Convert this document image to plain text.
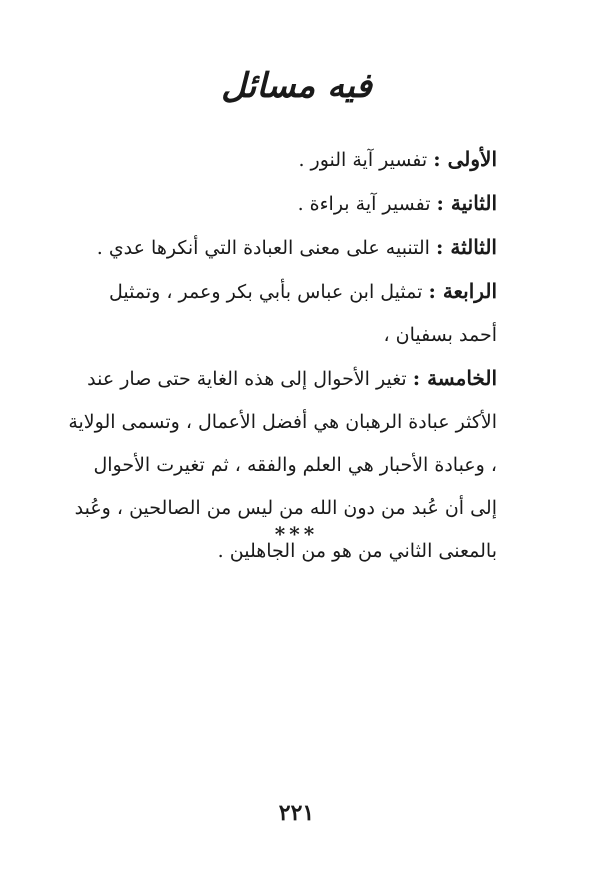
فيه مسائل

الأولى : تفسير آية النور .

الثانية : تفسير آية براءة .

الثالثة : التنبيه على معنى العبادة التي أنكرها عدي .

الرابعة : تمثيل ابن عباس بأبي بكر وعمر ، وتمثيل أحمد بسفيان ،

الخامسة : تغير الأحوال إلى هذه الغاية حتى صار عند الأكثر عبادة الرهبان هي أفضل الأعمال ، وتسمى الولاية ، وعبادة الأحبار هي العلم والفقه ، ثم تغيرت الأحوال إلى أن عُبد من دون الله من ليس من الصالحين ، وعُبد بالمعنى الثاني من هو من الجاهلين .

***
٢٢١
